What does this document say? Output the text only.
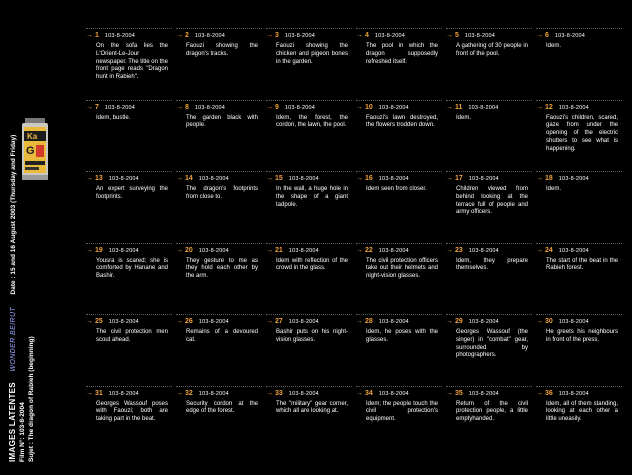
Ka
G
IMAGES LATENTES WONDER BEIRUT Date : 15 and 16 August 2003 (Thursday and Friday)
Film N°: 103-8-2004 Sujet : The dragon of Rabieh (beginning)
→ 1 103-8-2004
On the sofa lies the L'Orient-Le-Jour newspaper. The title on the front page reads "Dragon hunt in Rabieh".
→ 2 103-8-2004
Faouzi showing the dragon's tracks.
→ 3 103-8-2004
Faouzi showing the chicken and pigeon bones in the garden.
→ 4 103-8-2004
The pool in which the dragon supposedly refreshed itself.
→ 5 103-8-2004
A gathering of 30 people in front of the pool.
→ 6 103-8-2004
Idem.
→ 7 103-8-2004
Idem, bustle.
→ 8 103-8-2004
The garden black with people.
→ 9 103-8-2004
Idem, the forest, the cordon, the lawn, the pool.
→ 10 103-8-2004
Faouzi's lawn destroyed, the flowers trodden down.
→ 11 103-8-2004
Idem.
→ 12 103-8-2004
Faouzi's children, scared, gaze from under the opening of the electric shutters to see what is happening.
→ 13 103-8-2004
An expert surveying the footprints.
→ 14 103-8-2004
The dragon's footprints from close to.
→ 15 103-8-2004
In the wall, a huge hole in the shape of a giant tadpole.
→ 16 103-8-2004
Idem seen from closer.
→ 17 103-8-2004
Children viewed from behind looking at the terrace full of people and army officers.
→ 18 103-8-2004
Idem.
→ 19 103-8-2004
Yousra is scared; she is comforted by Hanane and Bashir.
→ 20 103-8-2004
They gesture to me as they hold each other by the arm.
→ 21 103-8-2004
Idem with reflection of the crowd in the glass.
→ 22 103-8-2004
The civil protection officers take out their helmets and night-vision glasses.
→ 23 103-8-2004
Idem, they prepare themselves.
→ 24 103-8-2004
The start of the beat in the Rabieh forest.
→ 25 103-8-2004
The civil protection men scout ahead.
→ 26 103-8-2004
Remains of a devoured cat.
→ 27 103-8-2004
Bashir puts on his night-vision glasses.
→ 28 103-8-2004
Idem, he poses with the glasses.
→ 29 103-8-2004
Georges Wassouf (the singer) in "combat" gear, surrounded by photographers.
→ 30 103-8-2004
He greets his neighbours in front of the press.
→ 31 103-8-2004
Georges Wassouf poses with Faouzi; both are taking part in the beat.
→ 32 103-8-2004
Security cordon at the edge of the forest.
→ 33 103-8-2004
The "military" gear corner, which all are looking at.
→ 34 103-8-2004
Idem; the people touch the civil protection's equipment.
→ 35 103-8-2004
Return of the civil protection people, a little emptyhanded.
→ 36 103-8-2004
Idem, all of them standing, looking at each other a little uneasily.
